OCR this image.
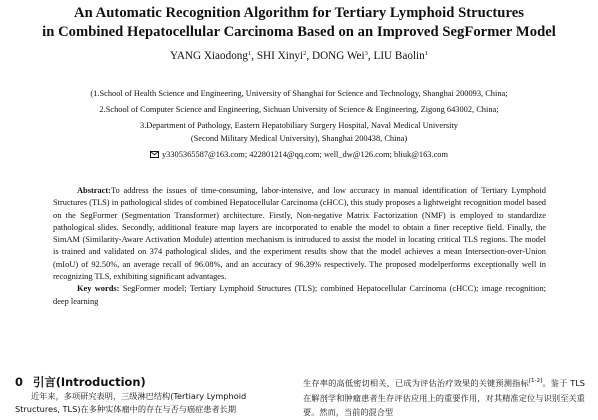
An Automatic Recognition Algorithm for Tertiary Lymphoid Structures
in Combined Hepatocellular Carcinoma Based on an Improved SegFormer Model
YANG Xiaodong$^1$, SHI Xinyi$^2$, DONG Wei$^3$, LIU Baolin$^1$
(1.School of Health Science and Engineering, University of Shanghai for Science and Technology, Shanghai 200093, China;
2.School of Computer Science and Engineering, Sichuan University of Science & Engineering, Zigong 643002, China;
3.Department of Pathology, Eastern Hepatobiliary Surgery Hospital, Naval Medical University
(Second Military Medical University), Shanghai 200438, China)
y3305365587@163.com; 422801214@qq.com; well_dw@126.com; bliuk@163.com

Abstract:To address the issues of time-consuming, labor-intensive, and low accuracy in manual identification of Tertiary Lymphoid Structures (TLS) in pathological slides of combined Hepatocellular Carcinoma (cHCC), this study proposes a lightweight recognition model based on the SegFormer (Segmentation Transformer) architecture. Firstly, Non-negative Matrix Factorization (NMF) is employed to standardize pathological slides. Secondly, additional feature map layers are incorporated to enable the model to obtain a finer receptive field. Finally, the SimAM (Similarity-Aware Activation Module) attention mechanism is introduced to assist the model in locating critical TLS regions. The model is trained and validated on 374 pathological slides, and the experiment results show that the model achieves a mean Intersection-over-Union (mIoU) of 92.50%, an average recall of 96.08%, and an accuracy of 96.39% respectively. The proposed modelperforms exceptionally well in recognizing TLS, exhibiting significant advantages.

Key words: SegFormer model; Tertiary Lymphoid Structures (TLS); combined Hepatocellular Carcinoma (cHCC); image recognition; deep learning

0 引言(Introduction)

近年来，多项研究表明，三级淋巴结构(Tertiary Lymphoid Structures, TLS)在多种实体瘤中的存在与否与癌症患者长期

生存率的高低密切相关，已成为评估治疗效果的关键预测指标[1-2]。鉴于 TLS 在解剖学和肿瘤患者生存评估应用上的重要作用，对其精准定位与识别至关重要。然而，当前的混合型
